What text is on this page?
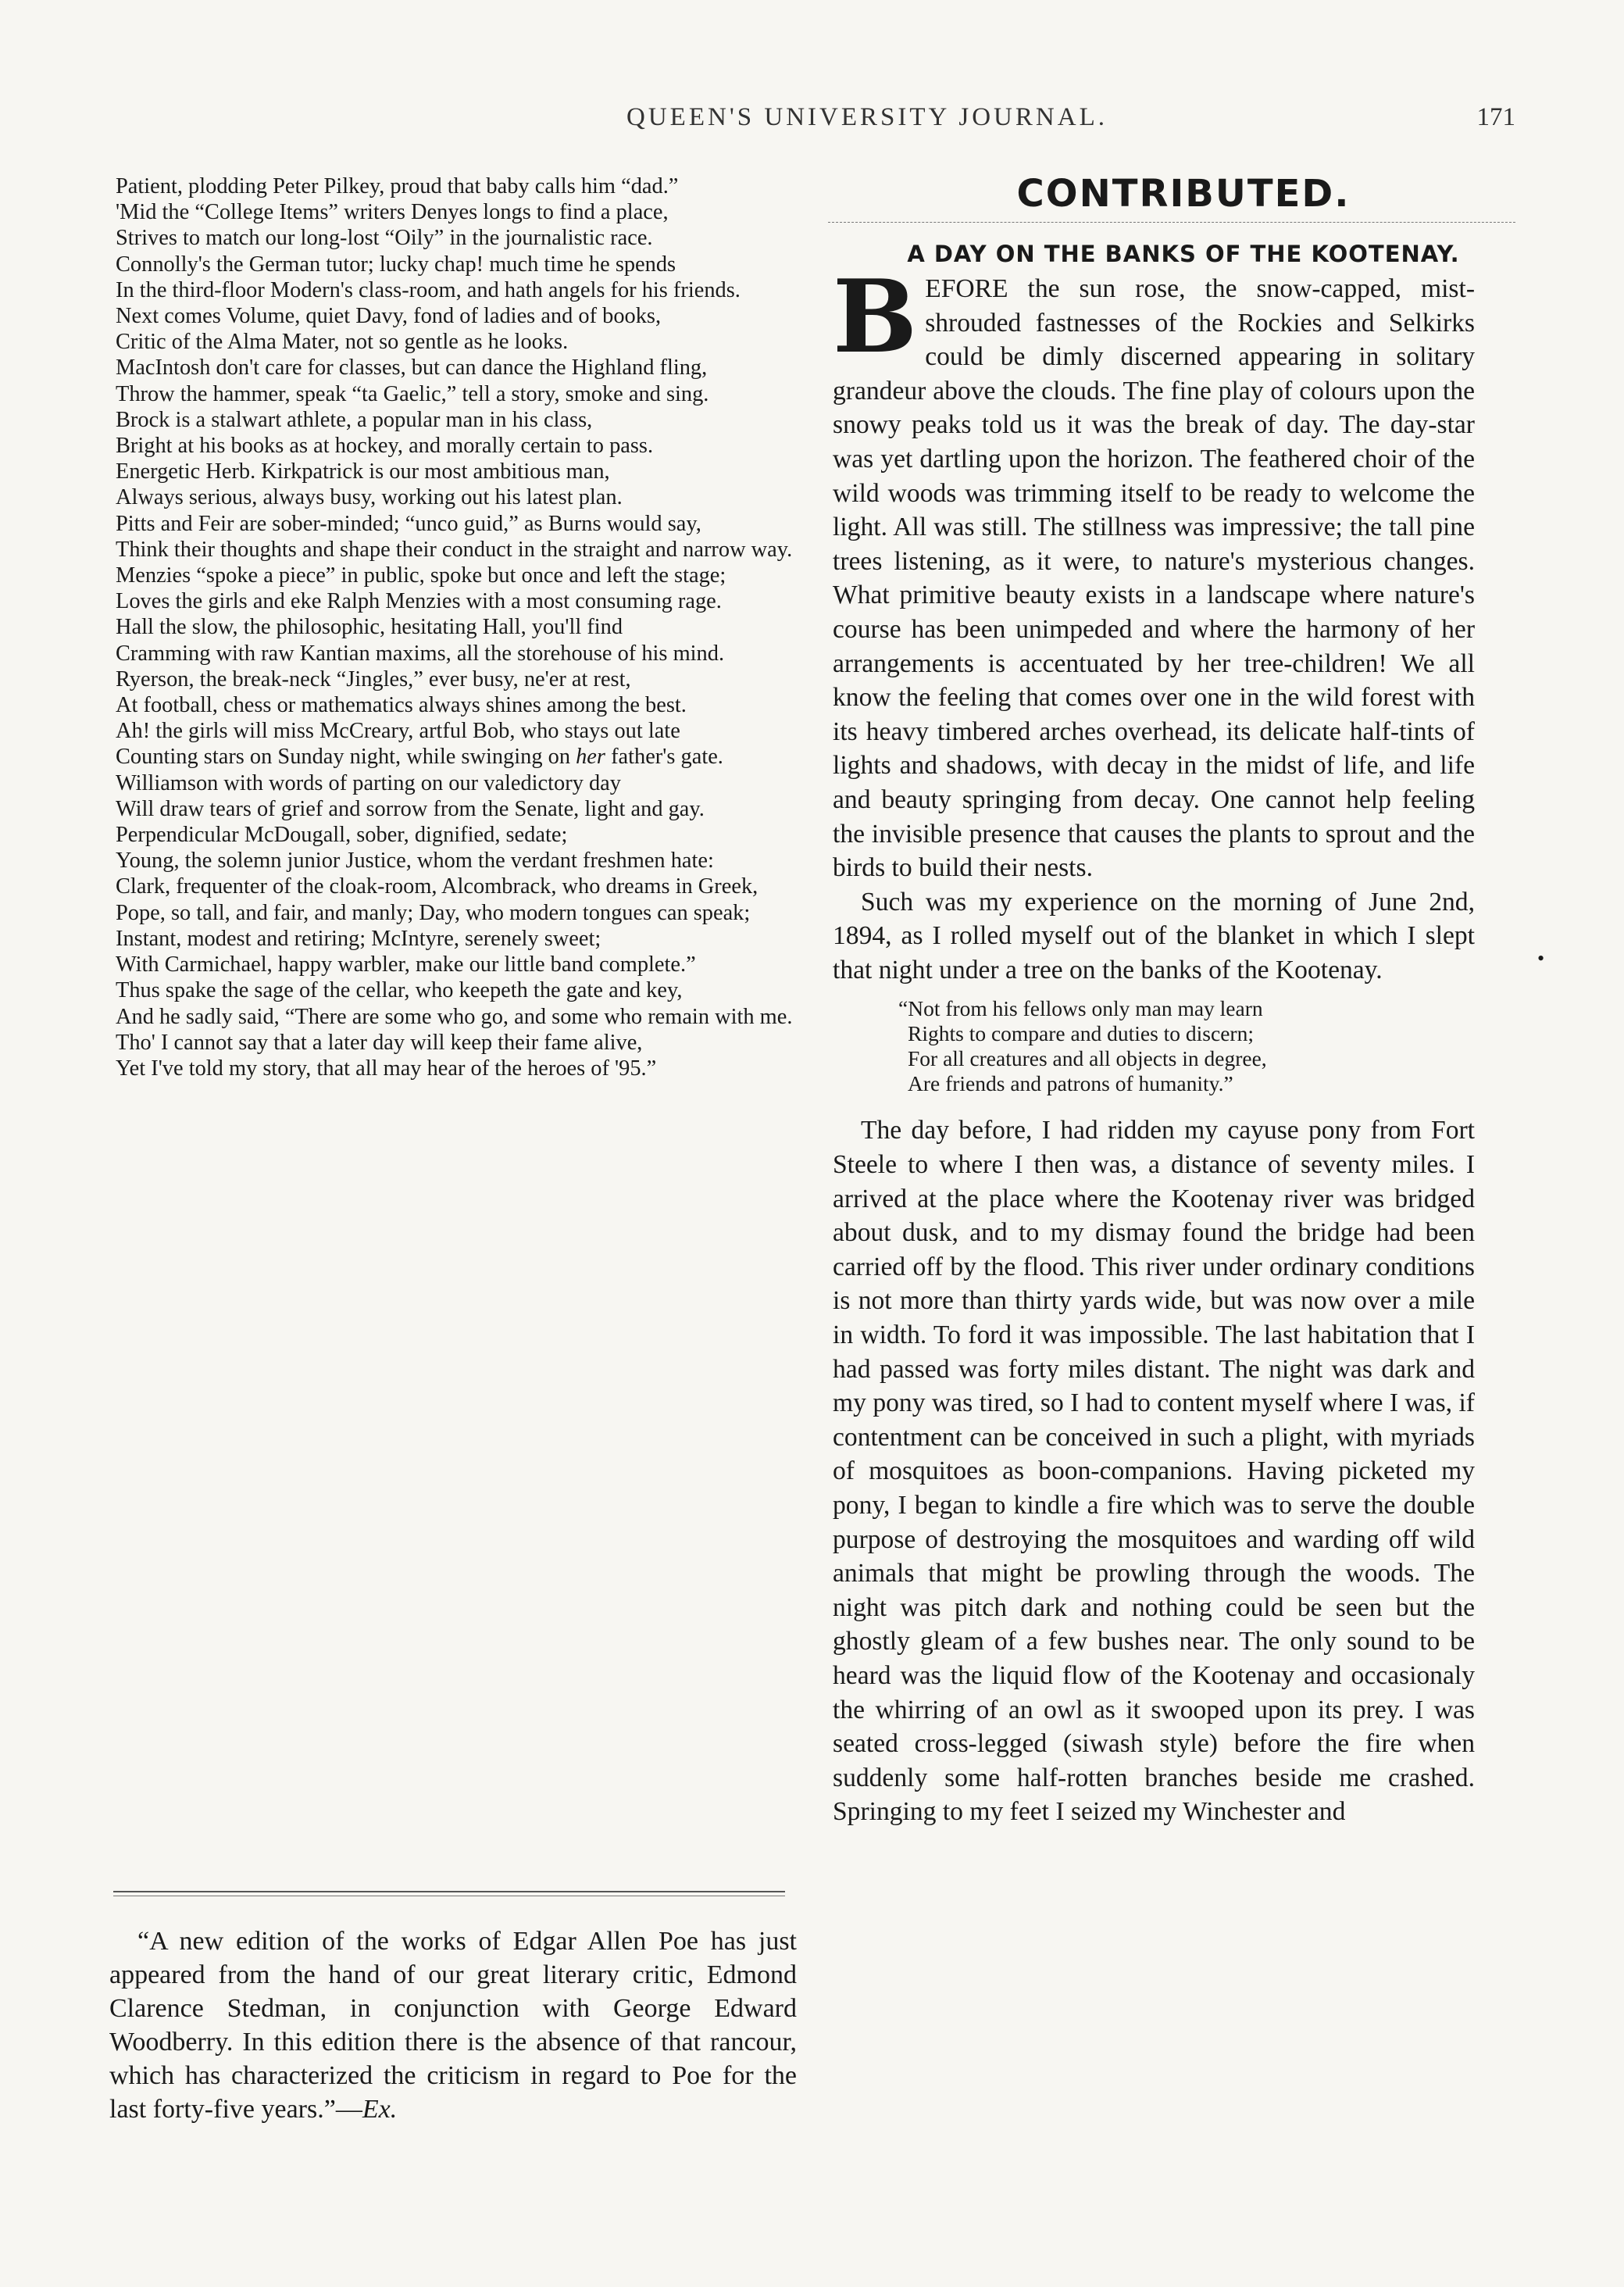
QUEEN'S UNIVERSITY JOURNAL.	171
Patient, plodding Peter Pilkey, proud that baby calls him “dad.”
'Mid the “College Items” writers Denyes longs to find a place,
Strives to match our long-lost “Oily” in the journalistic race.
Connolly's the German tutor; lucky chap! much time he spends
In the third-floor Modern's class-room, and hath angels for his friends.
Next comes Volume, quiet Davy, fond of ladies and of books,
Critic of the Alma Mater, not so gentle as he looks.
MacIntosh don't care for classes, but can dance the Highland fling,
Throw the hammer, speak “ta Gaelic,” tell a story, smoke and sing.
Brock is a stalwart athlete, a popular man in his class,
Bright at his books as at hockey, and morally certain to pass.
Energetic Herb. Kirkpatrick is our most ambitious man,
Always serious, always busy, working out his latest plan.
Pitts and Feir are sober-minded; “unco guid,” as Burns would say,
Think their thoughts and shape their conduct in the straight and narrow way.
Menzies “spoke a piece” in public, spoke but once and left the stage;
Loves the girls and eke Ralph Menzies with a most consuming rage.
Hall the slow, the philosophic, hesitating Hall, you'll find
Cramming with raw Kantian maxims, all the storehouse of his mind.
Ryerson, the break-neck “Jingles,” ever busy, ne'er at rest,
At football, chess or mathematics always shines among the best.
Ah! the girls will miss McCreary, artful Bob, who stays out late
Counting stars on Sunday night, while swinging on her father's gate.
Williamson with words of parting on our valedictory day
Will draw tears of grief and sorrow from the Senate, light and gay.
Perpendicular McDougall, sober, dignified, sedate;
Young, the solemn junior Justice, whom the verdant freshmen hate:
Clark, frequenter of the cloak-room, Alcombrack, who dreams in Greek,
Pope, so tall, and fair, and manly; Day, who modern tongues can speak;
Instant, modest and retiring; McIntyre, serenely sweet;
With Carmichael, happy warbler, make our little band complete.”
Thus spake the sage of the cellar, who keepeth the gate and key,
And he sadly said, “There are some who go, and some who remain with me.
Tho' I cannot say that a later day will keep their fame alive,
Yet I've told my story, that all may hear of the heroes of '95.”

“A new edition of the works of Edgar Allen Poe has just appeared from the hand of our great literary critic, Edmond Clarence Stedman, in conjunction with George Edward Woodberry. In this edition there is the absence of that rancour, which has characterized the criticism in regard to Poe for the last forty-five years.”—Ex.

CONTRIBUTED.
A DAY ON THE BANKS OF THE KOOTENAY.

BEFORE the sun rose, the snow-capped, mist-shrouded fastnesses of the Rockies and Selkirks could be dimly discerned appearing in solitary grandeur above the clouds. The fine play of colours upon the snowy peaks told us it was the break of day. The day-star was yet dartling upon the horizon. The feathered choir of the wild woods was trimming itself to be ready to welcome the light. All was still. The stillness was impressive; the tall pine trees listening, as it were, to nature's mysterious changes. What primitive beauty exists in a landscape where nature's course has been unimpeded and where the harmony of her arrangements is accentuated by her tree-children! We all know the feeling that comes over one in the wild forest with its heavy timbered arches overhead, its delicate half-tints of lights and shadows, with decay in the midst of life, and life and beauty springing from decay. One cannot help feeling the invisible presence that causes the plants to sprout and the birds to build their nests.

Such was my experience on the morning of June 2nd, 1894, as I rolled myself out of the blanket in which I slept that night under a tree on the banks of the Kootenay.

“Not from his fellows only man may learn
Rights to compare and duties to discern;
For all creatures and all objects in degree,
Are friends and patrons of humanity.”

The day before, I had ridden my cayuse pony from Fort Steele to where I then was, a distance of seventy miles. I arrived at the place where the Kootenay river was bridged about dusk, and to my dismay found the bridge had been carried off by the flood. This river under ordinary conditions is not more than thirty yards wide, but was now over a mile in width. To ford it was impossible. The last habitation that I had passed was forty miles distant. The night was dark and my pony was tired, so I had to content myself where I was, if contentment can be conceived in such a plight, with myriads of mosquitoes as boon-companions. Having picketed my pony, I began to kindle a fire which was to serve the double purpose of destroying the mosquitoes and warding off wild animals that might be prowling through the woods. The night was pitch dark and nothing could be seen but the ghostly gleam of a few bushes near. The only sound to be heard was the liquid flow of the Kootenay and occasionaly the whirring of an owl as it swooped upon its prey. I was seated cross-legged (siwash style) before the fire when suddenly some half-rotten branches beside me crashed. Springing to my feet I seized my Winchester and

•
